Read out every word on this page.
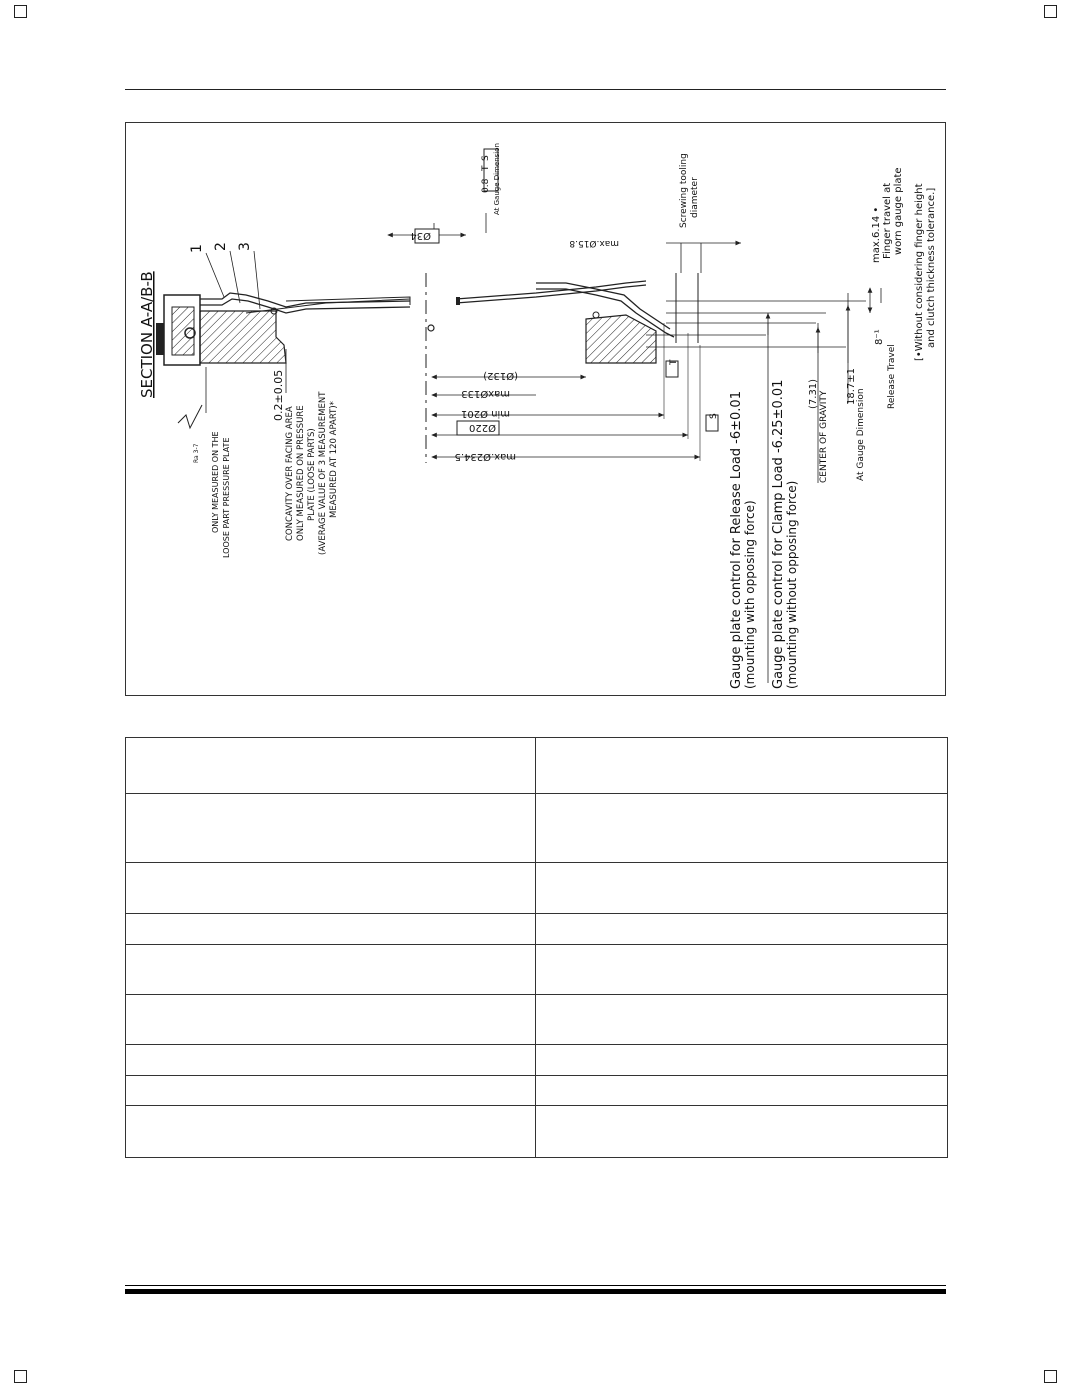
SECTION A-A/B-B
1 2 3
Ra 3-7 ONLY MEASURED ON THE LOOSE PART PRESSURE PLATE
0.2±0.05
CONCAVITY OVER FACING AREA ONLY MEASURED ON PRESSURE PLATE (LOOSE PARTS) (AVERAGE VALUE OF 3 MEASUREMENT MEASURED AT 120 APART)*
Ø34
0.8
T
S At Gauge Dimension	Screwing tooling diameter
max.Ø15.8
(Ø132)
maxØ133
min Ø201
Ø220
max.Ø234.5
T
S Gauge plate control for Release Load -6±0.01 (mounting with opposing force) Gauge plate control for Clamp Load -6.25±0.01 (mounting without opposing force)
(7.31) CENTER OF GRAVITY
18.7±1
At Gauge Dimension
8⁻¹
Release Travel
max.6.14 • Finger travel at worn gauge plate [•Without considering finger height and clutch thickness tolerance.]
